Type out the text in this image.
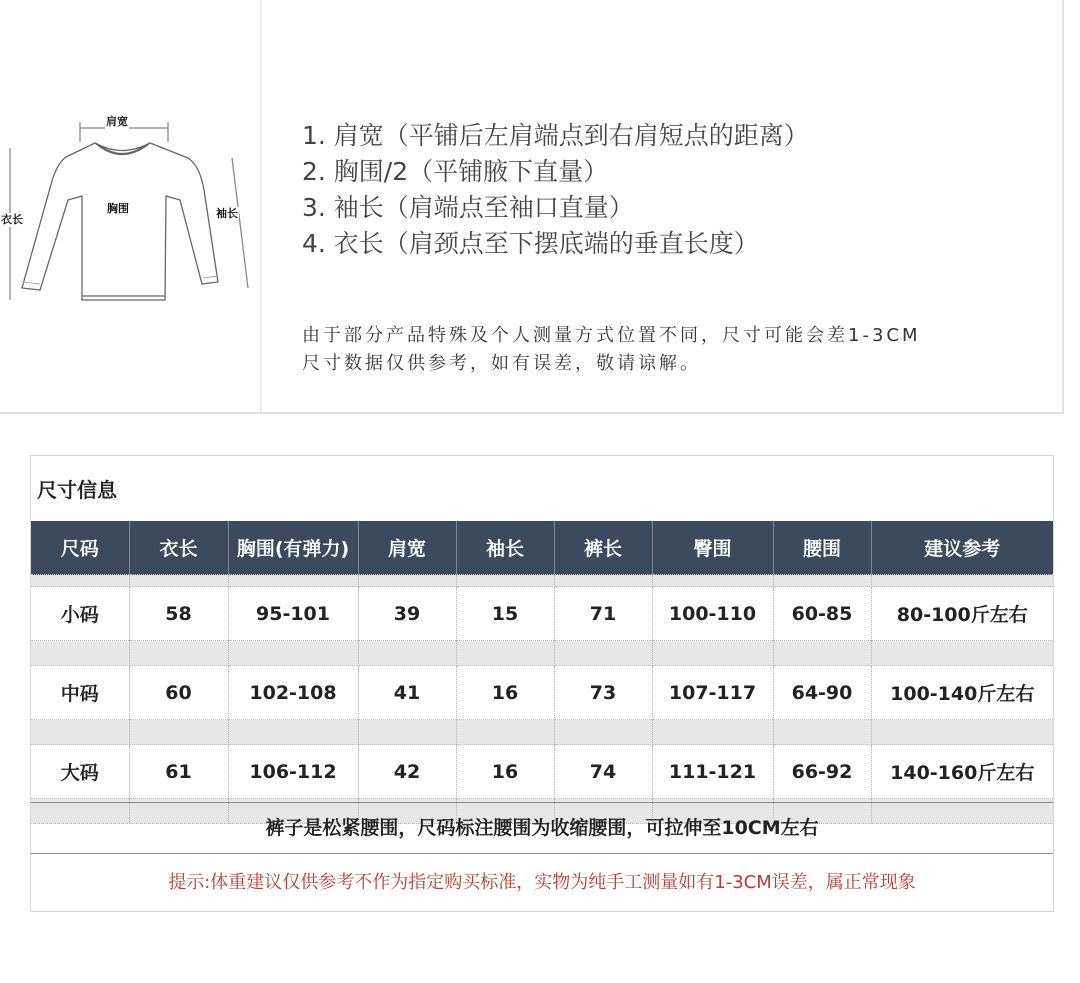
肩宽
胸围	袖长
衣长
1. 肩宽（平铺后左肩端点到右肩短点的距离）
2. 胸围/2（平铺腋下直量）
3. 袖长（肩端点至袖口直量）
4. 衣长（肩颈点至下摆底端的垂直长度）
由于部分产品特殊及个人测量方式位置不同，尺寸可能会差1-3CM
尺寸数据仅供参考，如有误差，敬请谅解。
尺寸信息
尺码	衣长	胸围(有弹力)	肩宽	袖长	裤长	臀围	腰围	建议参考

小码	58	95-101	39	15	71	100-110	60-85	80-100斤左右

中码	60	102-108	41	16	73	107-117	64-90	100-140斤左右

大码	61	106-112	42	16	74	111-121	66-92	140-160斤左右

裤子是松紧腰围，尺码标注腰围为收缩腰围，可拉伸至10CM左右
提示:体重建议仅供参考不作为指定购买标准，实物为纯手工测量如有1-3CM误差，属正常现象
